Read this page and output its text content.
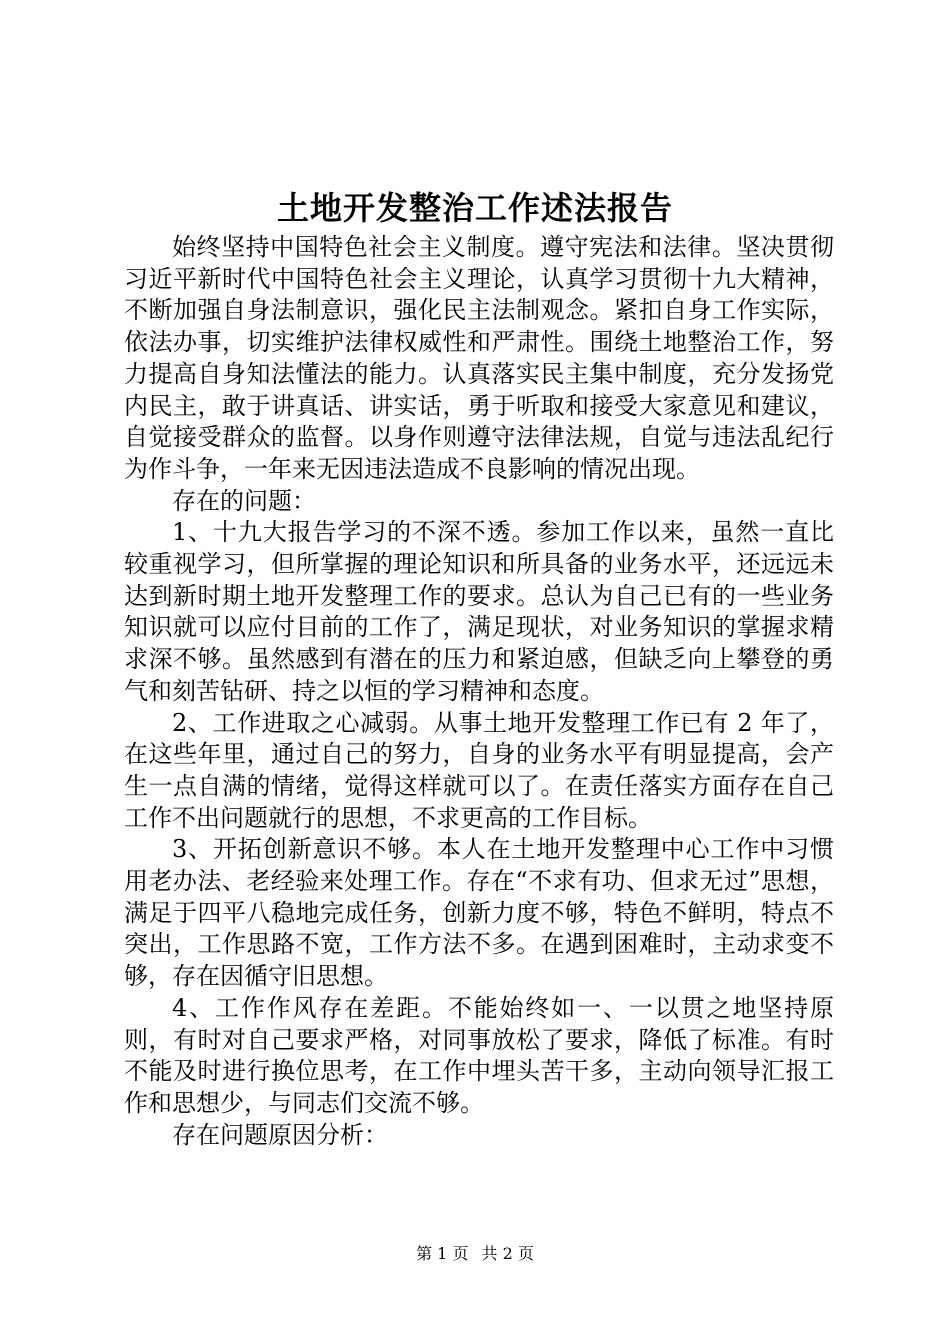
土地开发整治工作述法报告

始终坚持中国特色社会主义制度。遵守宪法和法律。坚决贯彻习近平新时代中国特色社会主义理论，认真学习贯彻十九大精神，不断加强自身法制意识，强化民主法制观念。紧扣自身工作实际，依法办事，切实维护法律权威性和严肃性。围绕土地整治工作，努力提高自身知法懂法的能力。认真落实民主集中制度，充分发扬党内民主，敢于讲真话、讲实话，勇于听取和接受大家意见和建议，自觉接受群众的监督。以身作则遵守法律法规，自觉与违法乱纪行为作斗争，一年来无因违法造成不良影响的情况出现。

存在的问题：

1、十九大报告学习的不深不透。参加工作以来，虽然一直比较重视学习，但所掌握的理论知识和所具备的业务水平，还远远未达到新时期土地开发整理工作的要求。总认为自己已有的一些业务知识就可以应付目前的工作了，满足现状，对业务知识的掌握求精求深不够。虽然感到有潜在的压力和紧迫感，但缺乏向上攀登的勇气和刻苦钻研、持之以恒的学习精神和态度。

2、工作进取之心减弱。从事土地开发整理工作已有 2 年了，在这些年里，通过自己的努力，自身的业务水平有明显提高，会产生一点自满的情绪，觉得这样就可以了。在责任落实方面存在自己工作不出问题就行的思想，不求更高的工作目标。

3、开拓创新意识不够。本人在土地开发整理中心工作中习惯用老办法、老经验来处理工作。存在“不求有功、但求无过”思想，满足于四平八稳地完成任务，创新力度不够，特色不鲜明，特点不突出，工作思路不宽，工作方法不多。在遇到困难时，主动求变不够，存在因循守旧思想。

4、工作作风存在差距。不能始终如一、一以贯之地坚持原则，有时对自己要求严格，对同事放松了要求，降低了标准。有时不能及时进行换位思考，在工作中埋头苦干多，主动向领导汇报工作和思想少，与同志们交流不够。

存在问题原因分析：

第 1 页 共 2 页
